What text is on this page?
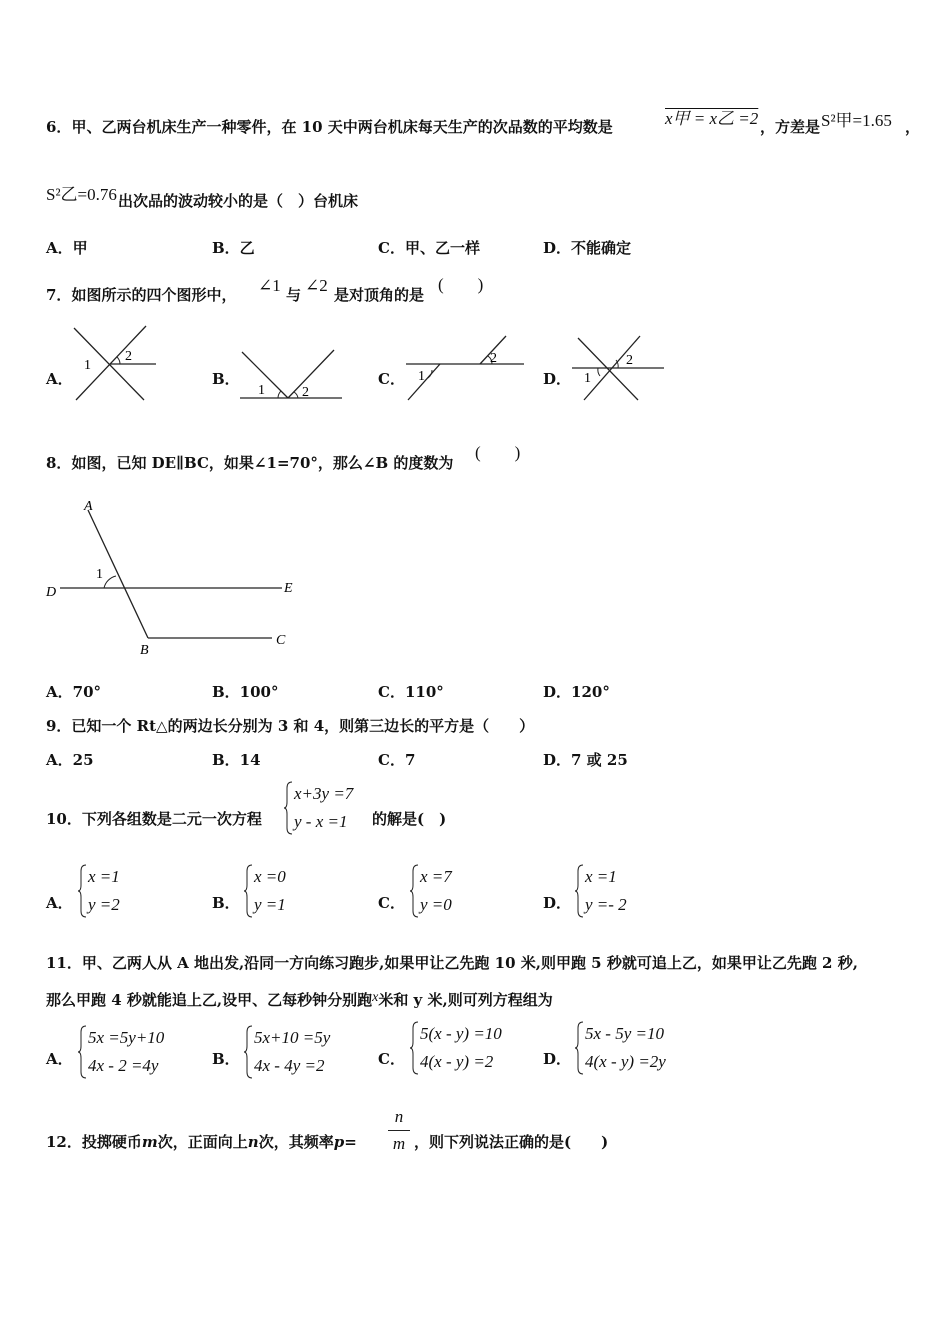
6．甲、乙两台机床生产一种零件，在 10 天中两台机床每天生产的次品数的平均数是	x甲 = x乙 =2 ，方差是 S²甲=1.65 ，
S²乙=0.76 出次品的波动较小的是（　）台机床
A．甲	B．乙	C．甲、乙一样	D．不能确定
7．如图所示的四个图形中， ∠1 与 ∠2 是对顶角的是
(　　)
A．
1
2
B．
1	2
C． 1
2
D． 1
2
8．如图，已知 DE∥BC，如果∠1=70°，那么∠B 的度数为
(　　)
A
D	E
B
C
1
A．70°	B．100°	C．110°	D．120°
9．已知一个 Rt△的两边长分别为 3 和 4，则第三边长的平方是（　　）
A．25	B．14	C．7	D．7 或 25
10．下列各组数是二元一次方程
x+3y =7
y - x =1 的解是(　)
A．
x =1
y =2	B．
x =0
y =1	C．
x =7
y =0	D．
x =1
y =- 2
11．甲、乙两人从 A 地出发,沿同一方向练习跑步,如果甲让乙先跑 10 米,则甲跑 5 秒就可追上乙，如果甲让乙先跑 2 秒,
那么甲跑 4 秒就能追上乙,设甲、乙每秒钟分别跑x米和 y 米,则可列方程组为
A．
5x =5y+10
4x - 2 =4y	B．
5x+10 =5y
4x - 4y =2	C．
5(x - y) =10
4(x - y) =2	D．
5x - 5y =10
4(x - y) =2y
12．投掷硬币m次，正面向上n次，其频率p=
n
m ，则下列说法正确的是(　　)
